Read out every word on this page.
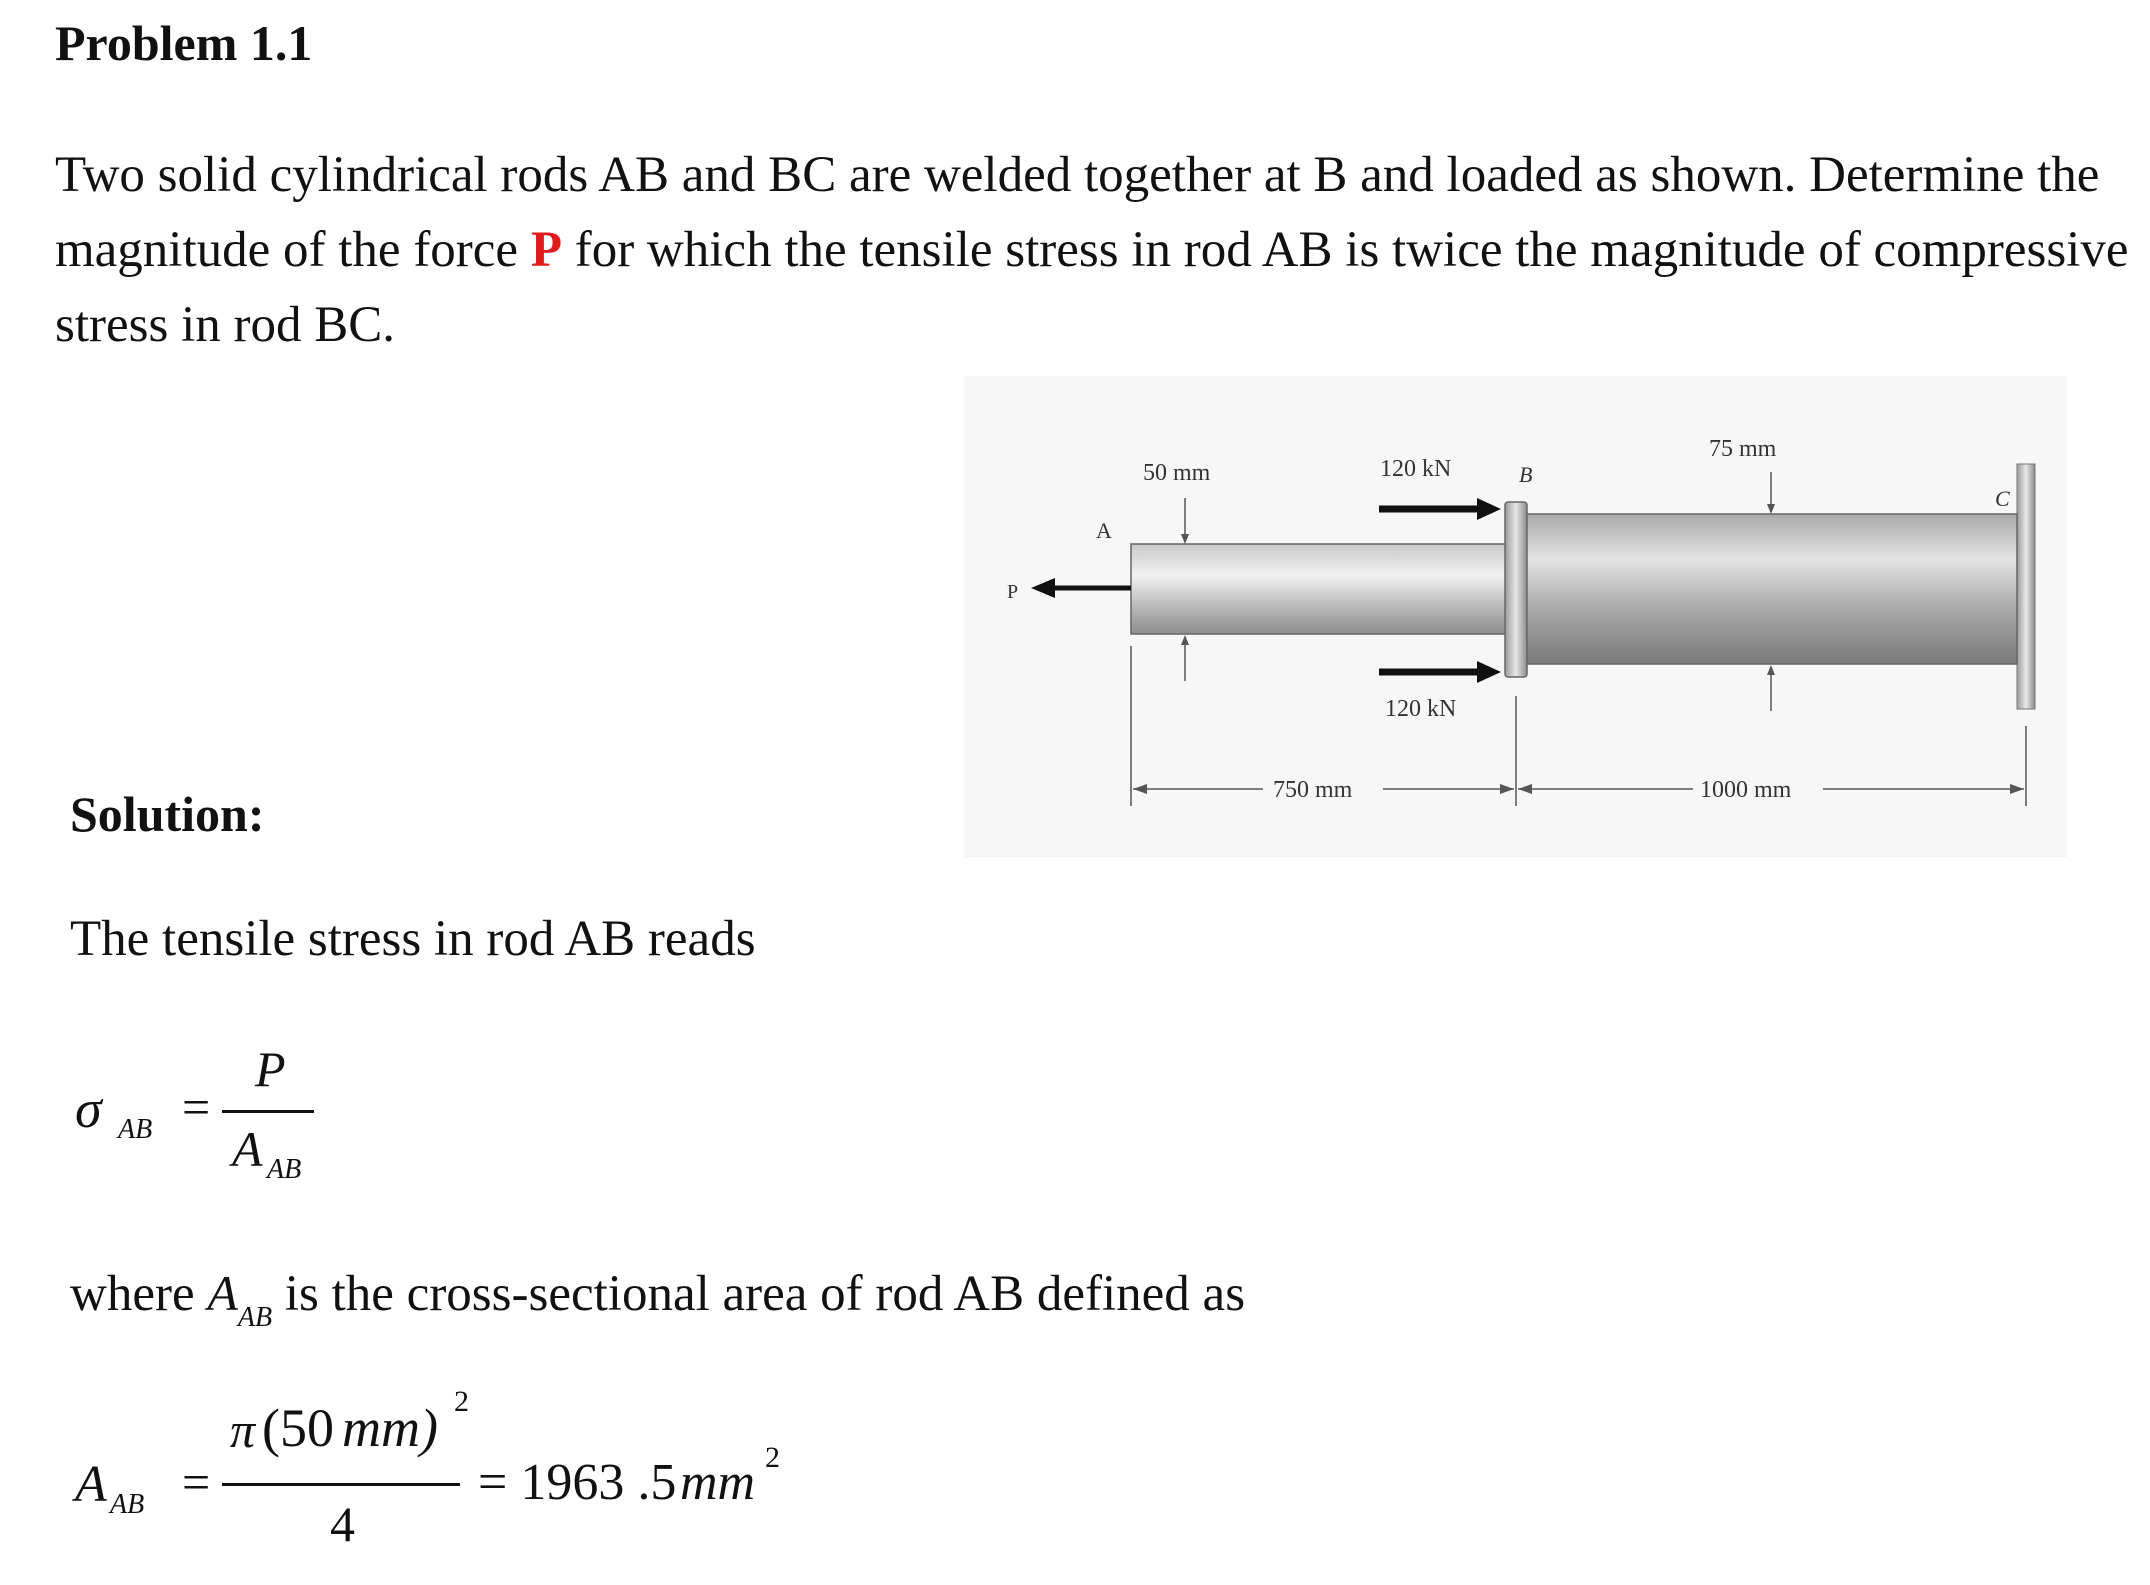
Problem 1.1
Two solid cylindrical rods AB and BC are welded together at B and loaded as shown. Determine the magnitude of the force P for which the tensile stress in rod AB is twice the magnitude of compressive stress in rod BC.
P
120 kN
120 kN
A
B
C
50 mm
75 mm
750 mm	1000 mm
Solution:
The tensile stress in rod AB reads
σ AB =
P
A AB
where $A_{AB}$ is the cross-sectional area of rod AB defined as
A AB =
π (50 mm) 2
4
= 1963 .5 mm 2
